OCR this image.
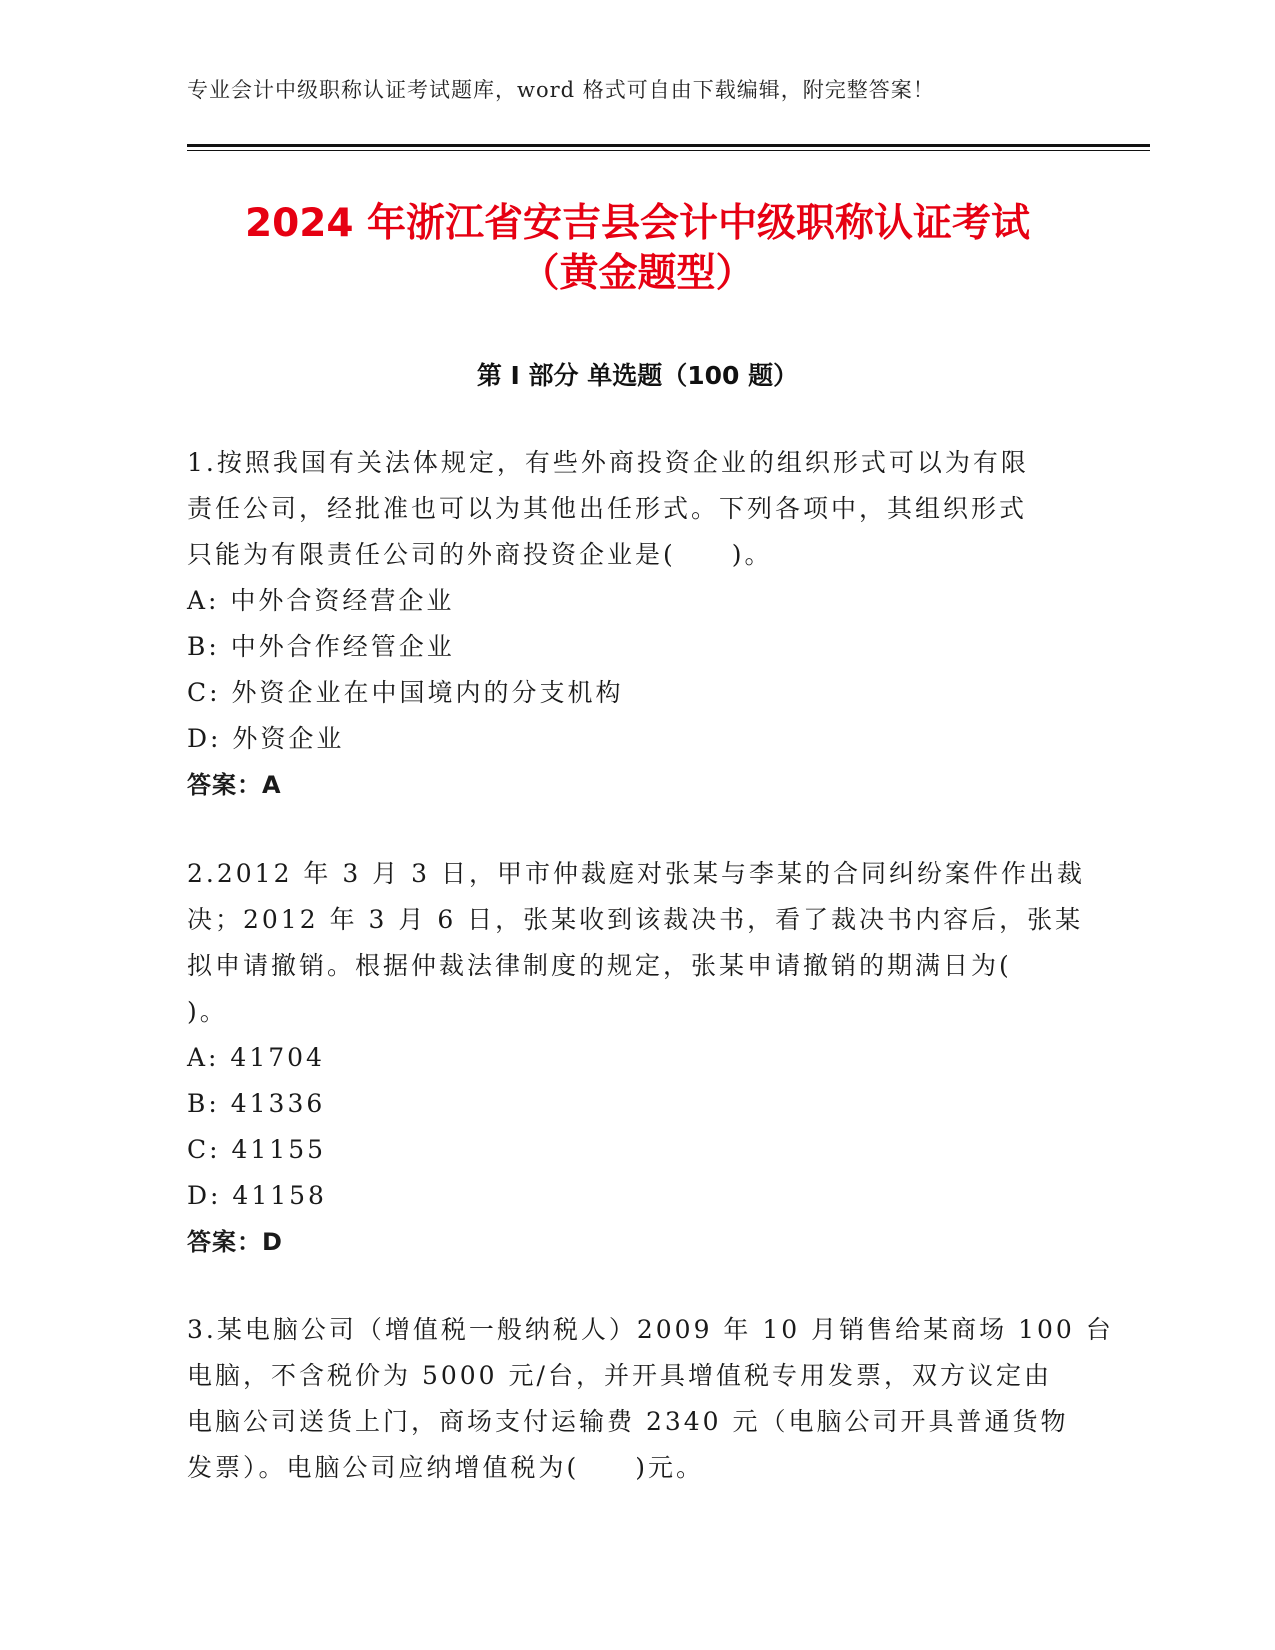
专业会计中级职称认证考试题库，word 格式可自由下载编辑，附完整答案！
2024 年浙江省安吉县会计中级职称认证考试
（黄金题型）
第 I 部分 单选题（100 题）

1.按照我国有关法体规定，有些外商投资企业的组织形式可以为有限
责任公司，经批准也可以为其他出任形式。下列各项中，其组织形式
只能为有限责任公司的外商投资企业是(　　)。

A: 中外合资经营企业
B: 中外合作经管企业
C: 外资企业在中国境内的分支机构
D: 外资企业
答案：A

2.2012 年 3 月 3 日，甲市仲裁庭对张某与李某的合同纠纷案件作出裁
决；2012 年 3 月 6 日，张某收到该裁决书，看了裁决书内容后，张某
拟申请撤销。根据仲裁法律制度的规定，张某申请撤销的期满日为(
)。

A: 41704
B: 41336
C: 41155
D: 41158
答案：D

3.某电脑公司（增值税一般纳税人）2009 年 10 月销售给某商场 100 台
电脑，不含税价为 5000 元/台，并开具增值税专用发票，双方议定由
电脑公司送货上门，商场支付运输费 2340 元（电脑公司开具普通货物
发票）。电脑公司应纳增值税为(　　)元。
